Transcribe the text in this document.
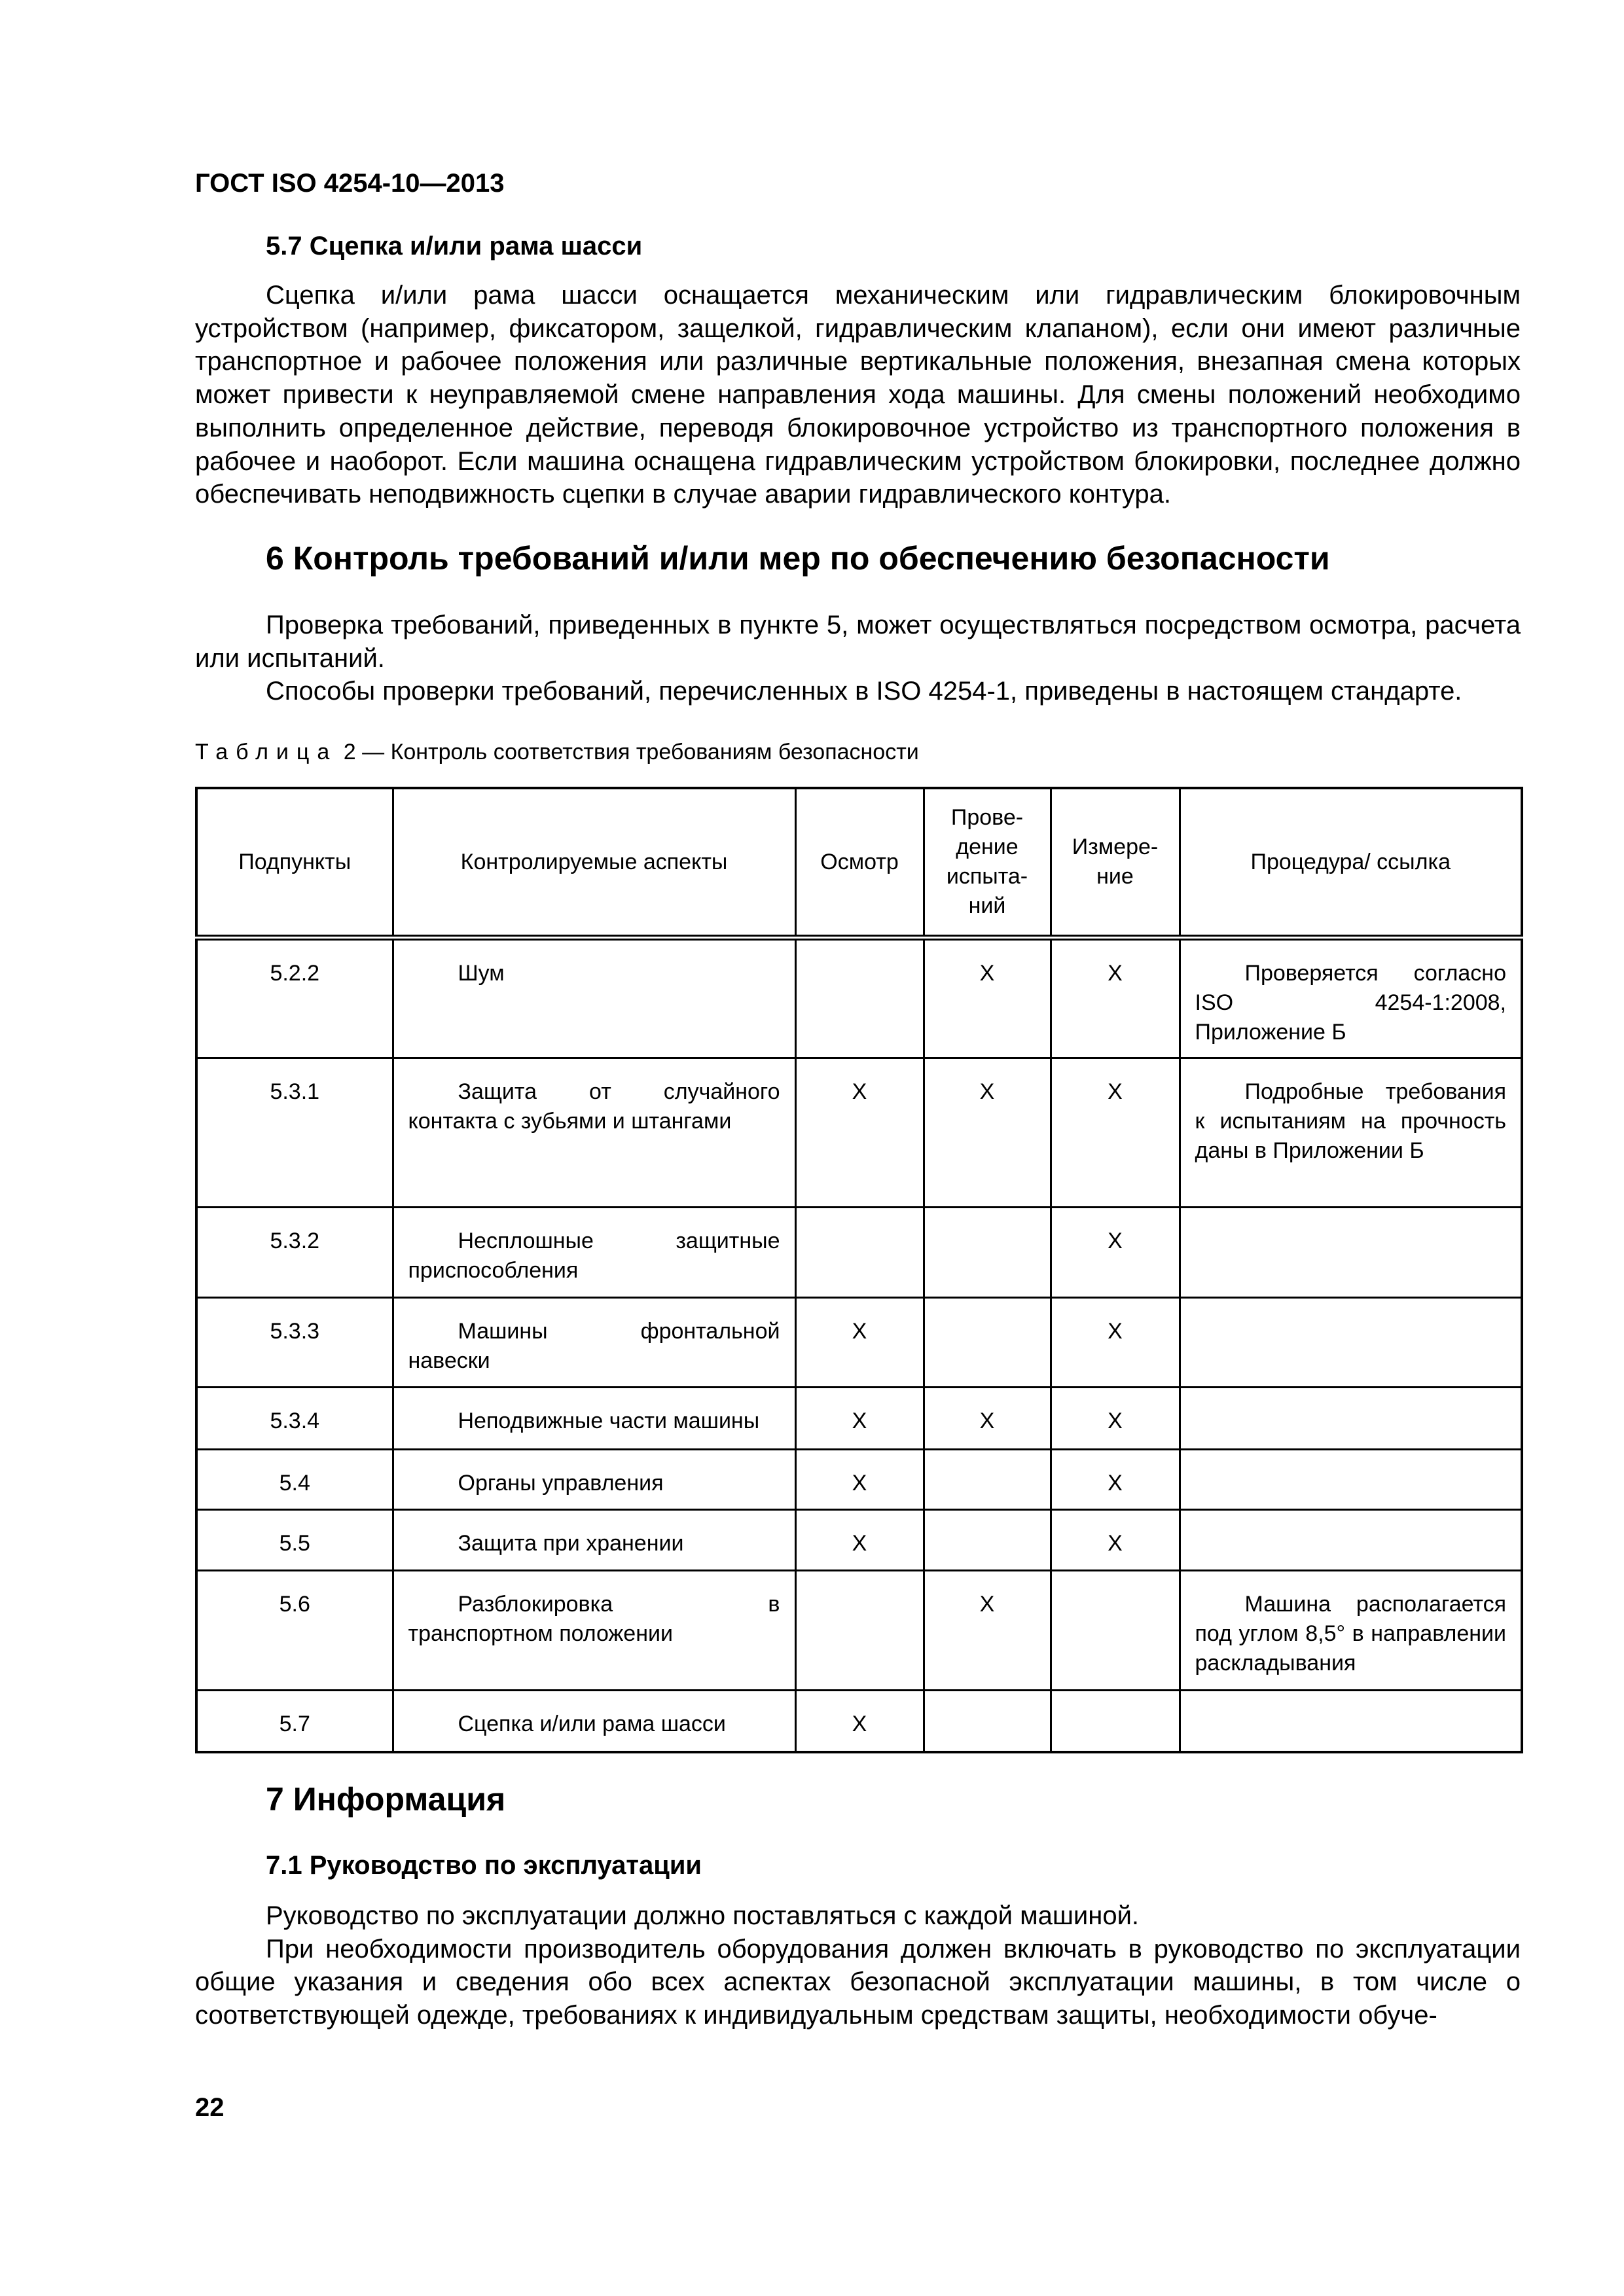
ГОСТ ISO 4254-10—2013
5.7 Сцепка и/или рама шасси

Сцепка и/или рама шасси оснащается механическим или гидравлическим блокировочным устройством (например, фиксатором, защелкой, гидравлическим клапаном), если они имеют различные транспортное и рабочее положения или различные вертикальные положения, внезапная смена которых может привести к неуправляемой смене направления хода машины. Для смены положений необходимо выполнить определенное действие, переводя блокировочное устройство из транспортного положения в рабочее и наоборот. Если машина оснащена гидравлическим устройством блокировки, последнее должно обеспечивать неподвижность сцепки в случае аварии гидравлического контура.

6 Контроль требований и/или мер по обеспечению безопасности

Проверка требований, приведенных в пункте 5, может осуществляться посредством осмотра, расчета или испытаний.

Способы проверки требований, перечисленных в ISO 4254-1, приведены в настоящем стандарте.

Таблица 2 — Контроль соответствия требованиям безопасности
Подпункты	Контролируемые аспекты	Осмотр	Прове-дение испыта-ний	Измере-ние	Процедура/ ссылка
5.2.2	Шум		X	X	Проверяется согласно ISO 4254-1:2008, Приложение Б

5.3.1	Защита от случайного контакта с зубьями и штангами	X	X	X	Подробные требования к испытаниям на прочность даны в Приложении Б

5.3.2	Несплошные защитные приспособления			X	

5.3.3	Машины фронтальной навески	X		X	

5.3.4	Неподвижные части машины	X	X	X	

5.4	Органы управления	X		X	

5.5	Защита при хранении	X		X	

5.6	Разблокировка в транспортном положении		X		Машина располагается под углом 8,5° в направлении раскладывания

5.7	Сцепка и/или рама шасси	X			
7 Информация
7.1 Руководство по эксплуатации

Руководство по эксплуатации должно поставляться с каждой машиной.

При необходимости производитель оборудования должен включать в руководство по эксплуатации общие указания и сведения обо всех аспектах безопасной эксплуатации машины, в том числе о соответствующей одежде, требованиях к индивидуальным средствам защиты, необходимости обуче-

22
